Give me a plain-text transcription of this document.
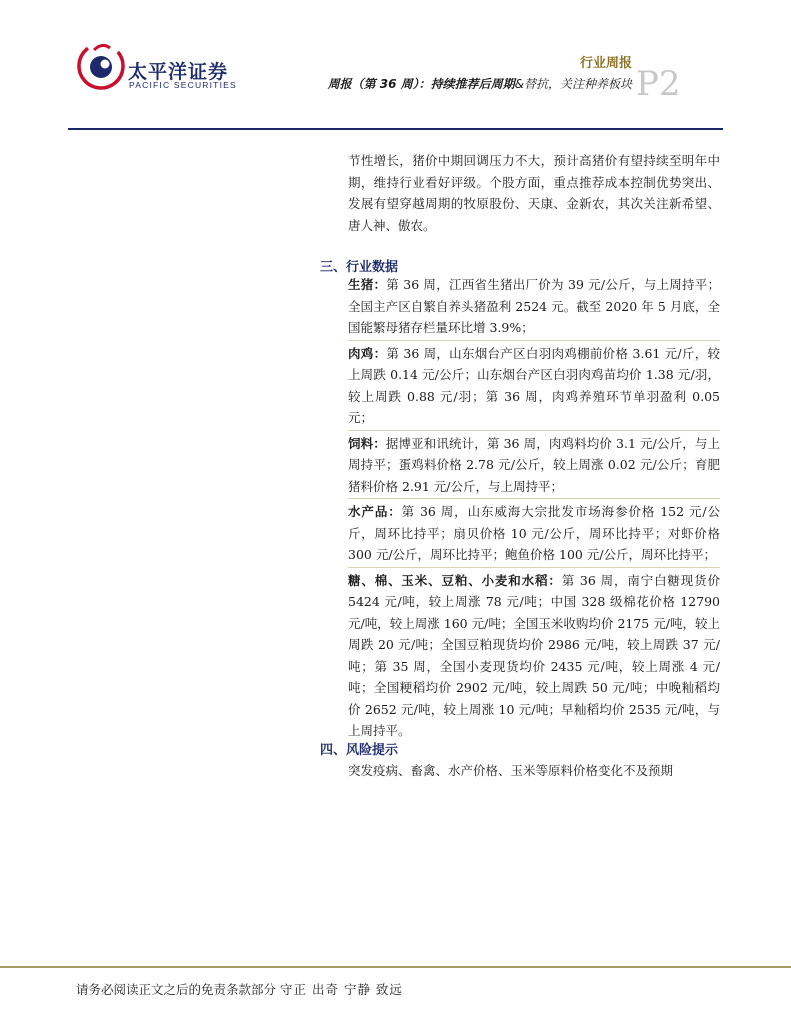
太平洋证券
PACIFIC SECURITIES
行业周报
周报（第 36 周）：持续推荐后周期&替抗，关注种养板块 P2

节性增长，猪价中期回调压力不大，预计高猪价有望持续至明年中期，维持行业看好评级。个股方面，重点推荐成本控制优势突出、发展有望穿越周期的牧原股份、天康、金新农，其次关注新希望、唐人神、傲农。

三、行业数据

生猪：第 36 周，江西省生猪出厂价为 39 元/公斤，与上周持平；全国主产区自繁自养头猪盈利 2524 元。截至 2020 年 5 月底，全国能繁母猪存栏量环比增 3.9%；

肉鸡：第 36 周，山东烟台产区白羽肉鸡棚前价格 3.61 元/斤，较上周跌 0.14 元/公斤；山东烟台产区白羽肉鸡苗均价 1.38 元/羽，较上周跌 0.88 元/羽；第 36 周，肉鸡养殖环节单羽盈利 0.05 元；

饲料：据博亚和讯统计，第 36 周，肉鸡料均价 3.1 元/公斤，与上周持平；蛋鸡料价格 2.78 元/公斤，较上周涨 0.02 元/公斤；育肥猪料价格 2.91 元/公斤，与上周持平；

水产品：第 36 周，山东威海大宗批发市场海参价格 152 元/公斤，周环比持平；扇贝价格 10 元/公斤，周环比持平；对虾价格 300 元/公斤，周环比持平；鲍鱼价格 100 元/公斤，周环比持平；

糖、棉、玉米、豆粕、小麦和水稻：第 36 周，南宁白糖现货价 5424 元/吨，较上周涨 78 元/吨；中国 328 级棉花价格 12790 元/吨，较上周涨 160 元/吨；全国玉米收购均价 2175 元/吨，较上周跌 20 元/吨；全国豆粕现货均价 2986 元/吨，较上周跌 37 元/吨；第 35 周，全国小麦现货均价 2435 元/吨，较上周涨 4 元/吨；全国粳稻均价 2902 元/吨，较上周跌 50 元/吨；中晚籼稻均价 2652 元/吨，较上周涨 10 元/吨；早籼稻均价 2535 元/吨，与上周持平。

四、风险提示

突发疫病、畜禽、水产价格、玉米等原料价格变化不及预期

请务必阅读正文之后的免责条款部分 守正 出奇 宁静 致远
